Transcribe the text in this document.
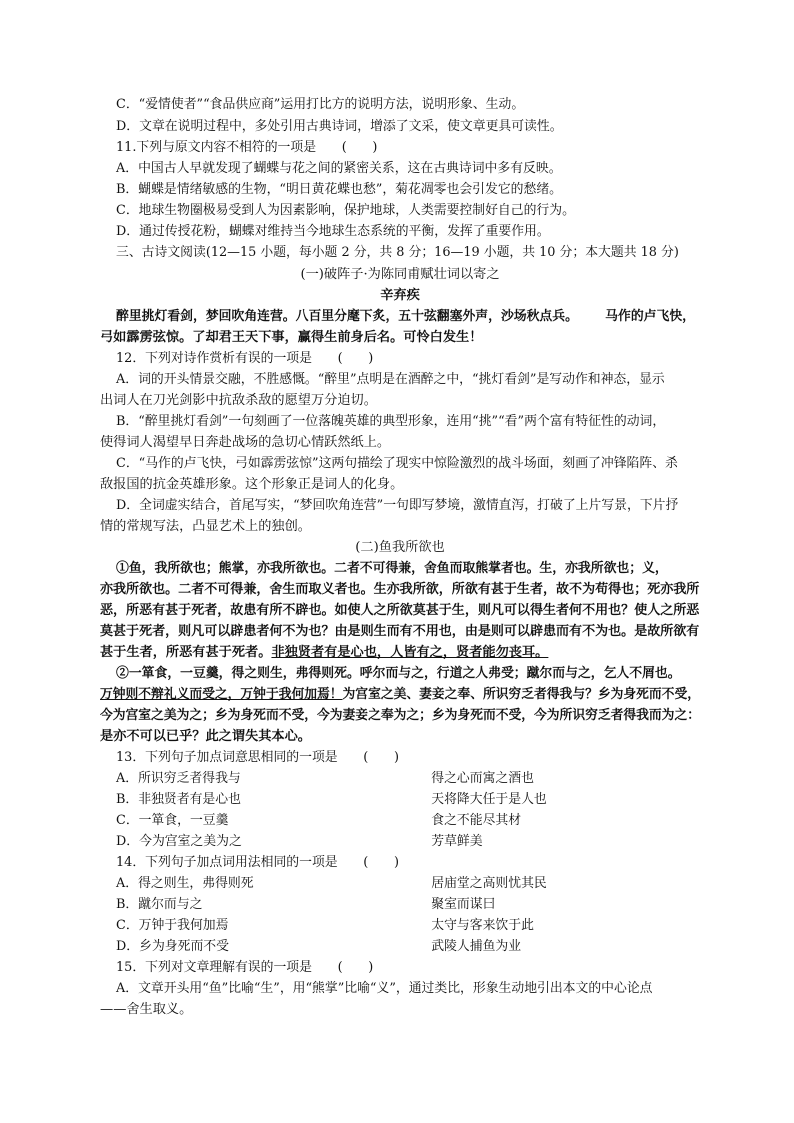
C．“爱情使者”“食品供应商”运用打比方的说明方法，说明形象、生动。
D．文章在说明过程中，多处引用古典诗词，增添了文采，使文章更具可读性。
11.下列与原文内容不相符的一项是　　(　　)
A．中国古人早就发现了蝴蝶与花之间的紧密关系，这在古典诗词中多有反映。
B．蝴蝶是情绪敏感的生物，“明日黄花蝶也愁”，菊花凋零也会引发它的愁绪。
C．地球生物圈极易受到人为因素影响，保护地球，人类需要控制好自己的行为。
D．通过传授花粉，蝴蝶对维持当今地球生态系统的平衡，发挥了重要作用。
三、古诗文阅读(12—15 小题，每小题 2 分，共 8 分；16—19 小题，共 10 分；本大题共 18 分)
(一)破阵子·为陈同甫赋壮词以寄之
辛弃疾
醉里挑灯看剑，梦回吹角连营。八百里分麾下炙，五十弦翻塞外声，沙场秋点兵。 马作的卢飞快，
弓如霹雳弦惊。了却君王天下事，赢得生前身后名。可怜白发生！
12．下列对诗作赏析有误的一项是　　(　　)
A．词的开头情景交融，不胜感慨。“醉里”点明是在酒醉之中，“挑灯看剑”是写动作和神态，显示
出词人在刀光剑影中抗敌杀敌的愿望万分迫切。
B．“醉里挑灯看剑”一句刻画了一位落魄英雄的典型形象，连用“挑”“看”两个富有特征性的动词，
使得词人渴望早日奔赴战场的急切心情跃然纸上。
C．“马作的卢飞快，弓如霹雳弦惊”这两句描绘了现实中惊险激烈的战斗场面，刻画了冲锋陷阵、杀
敌报国的抗金英雄形象。这个形象正是词人的化身。
D．全词虚实结合，首尾写实，“梦回吹角连营”一句即写梦境，激情直泻，打破了上片写景，下片抒
情的常规写法，凸显艺术上的独创。
(二)鱼我所欲也
①鱼，我所欲也；熊掌，亦我所欲也。二者不可得兼，舍鱼而取熊掌者也。生，亦我所欲也；义，
亦我所欲也。二者不可得兼，舍生而取义者也。生亦我所欲，所欲有甚于生者，故不为苟得也；死亦我所
恶，所恶有甚于死者，故患有所不辟也。如使人之所欲莫甚于生，则凡可以得生者何不用也？使人之所恶
莫甚于死者，则凡可以辟患者何不为也？由是则生而有不用也，由是则可以辟患而有不为也。是故所欲有
甚于生者，所恶有甚于死者。非独贤者有是心也，人皆有之，贤者能勿丧耳。
②一箪食，一豆羹，得之则生，弗得则死。呼尔而与之，行道之人弗受；蹴尔而与之，乞人不屑也。
万钟则不辩礼义而受之，万钟于我何加焉！为宫室之美、妻妾之奉、所识穷乏者得我与？乡为身死而不受，
今为宫室之美为之；乡为身死而不受，今为妻妾之奉为之；乡为身死而不受，今为所识穷乏者得我而为之：
是亦不可以已乎？此之谓失其本心。
13．下列句子加点词意思相同的一项是　　(　　)
A．所识穷乏者得我与	得之心而寓之酒也
B．非独贤者有是心也	天将降大任于是人也
C．一箪食，一豆羹	食之不能尽其材
D．今为宫室之美为之	芳草鲜美
14．下列句子加点词用法相同的一项是　　(　　)
A．得之则生，弗得则死	居庙堂之高则忧其民
B．蹴尔而与之	聚室而谋曰
C．万钟于我何加焉	太守与客来饮于此
D．乡为身死而不受	武陵人捕鱼为业
15．下列对文章理解有误的一项是　　(　　)
A．文章开头用“鱼”比喻“生”，用“熊掌”比喻“义”，通过类比，形象生动地引出本文的中心论点
——舍生取义。
